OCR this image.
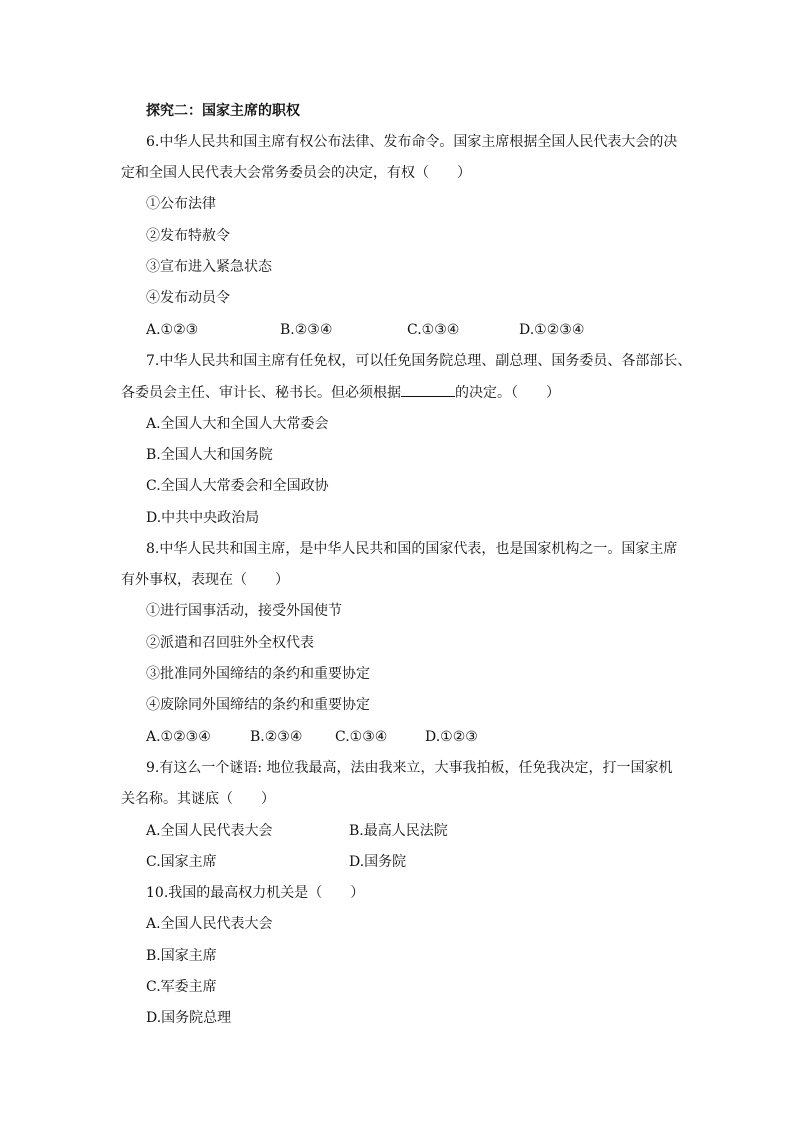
探究二：国家主席的职权
6.中华人民共和国主席有权公布法律、发布命令。国家主席根据全国人民代表大会的决
定和全国人民代表大会常务委员会的决定，有权（　　）
①公布法律
②发布特赦令
③宣布进入紧急状态
④发布动员令
A.①②③	B.②③④	C.①③④	D.①②③④
7.中华人民共和国主席有任免权，可以任免国务院总理、副总理、国务委员、各部部长、
各委员会主任、审计长、秘书长。但必须根据	的决定。（　　）
A.全国人大和全国人大常委会
B.全国人大和国务院
C.全国人大常委会和全国政协
D.中共中央政治局
8.中华人民共和国主席，是中华人民共和国的国家代表，也是国家机构之一。国家主席
有外事权，表现在（　　）
①进行国事活动，接受外国使节
②派遣和召回驻外全权代表
③批准同外国缔结的条约和重要协定
④废除同外国缔结的条约和重要协定
A.①②③④	B.②③④ C.①③④	D.①②③
9.有这么一个谜语: 地位我最高，法由我来立，大事我拍板，任免我决定，打一国家机
关名称。其谜底（　　）
A.全国人民代表大会	B.最高人民法院
C.国家主席	D.国务院
10.我国的最高权力机关是（　　）
A.全国人民代表大会
B.国家主席
C.军委主席
D.国务院总理
